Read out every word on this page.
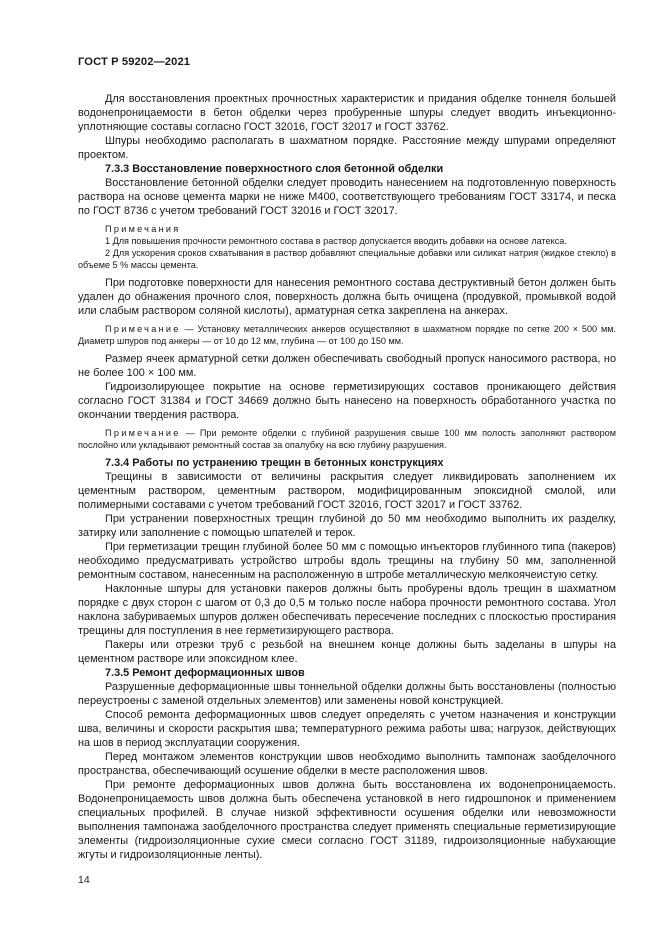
ГОСТ Р 59202—2021

Для восстановления проектных прочностных характеристик и придания обделке тоннеля большей водонепроницаемости в бетон обделки через пробуренные шпуры следует вводить инъекционно-уплотняющие составы согласно ГОСТ 32016, ГОСТ 32017 и ГОСТ 33762.

Шпуры необходимо располагать в шахматном порядке. Расстояние между шпурами определяют проектом.

7.3.3 Восстановление поверхностного слоя бетонной обделки

Восстановление бетонной обделки следует проводить нанесением на подготовленную поверхность раствора на основе цемента марки не ниже М400, соответствующего требованиям ГОСТ 33174, и песка по ГОСТ 8736 с учетом требований ГОСТ 32016 и ГОСТ 32017.

Примечания

1 Для повышения прочности ремонтного состава в раствор допускается вводить добавки на основе латекса.

2 Для ускорения сроков схватывания в раствор добавляют специальные добавки или силикат натрия (жидкое стекло) в объеме 5 % массы цемента.

При подготовке поверхности для нанесения ремонтного состава деструктивный бетон должен быть удален до обнажения прочного слоя, поверхность должна быть очищена (продувкой, промывкой водой или слабым раствором соляной кислоты), арматурная сетка закреплена на анкерах.

Примечание — Установку металлических анкеров осуществляют в шахматном порядке по сетке 200 × 500 мм. Диаметр шпуров под анкеры — от 10 до 12 мм, глубина — от 100 до 150 мм.

Размер ячеек арматурной сетки должен обеспечивать свободный пропуск наносимого раствора, но не более 100 × 100 мм.

Гидроизолирующее покрытие на основе герметизирующих составов проникающего действия согласно ГОСТ 31384 и ГОСТ 34669 должно быть нанесено на поверхность обработанного участка по окончании твердения раствора.

Примечание — При ремонте обделки с глубиной разрушения свыше 100 мм полость заполняют раствором послойно или укладывают ремонтный состав за опалубку на всю глубину разрушения.

7.3.4 Работы по устранению трещин в бетонных конструкциях

Трещины в зависимости от величины раскрытия следует ликвидировать заполнением их цементным раствором, цементным раствором, модифицированным эпоксидной смолой, или полимерными составами с учетом требований ГОСТ 32016, ГОСТ 32017 и ГОСТ 33762.

При устранении поверхностных трещин глубиной до 50 мм необходимо выполнить их разделку, затирку или заполнение с помощью шпателей и терок.

При герметизации трещин глубиной более 50 мм с помощью инъекторов глубинного типа (пакеров) необходимо предусматривать устройство штробы вдоль трещины на глубину 50 мм, заполненной ремонтным составом, нанесенным на расположенную в штробе металлическую мелкоячеистую сетку.

Наклонные шпуры для установки пакеров должны быть пробурены вдоль трещин в шахматном порядке с двух сторон с шагом от 0,3 до 0,5 м только после набора прочности ремонтного состава. Угол наклона забуриваемых шпуров должен обеспечивать пересечение последних с плоскостью простирания трещины для поступления в нее герметизирующего раствора.

Пакеры или отрезки труб с резьбой на внешнем конце должны быть заделаны в шпуры на цементном растворе или эпоксидном клее.

7.3.5 Ремонт деформационных швов

Разрушенные деформационные швы тоннельной обделки должны быть восстановлены (полностью переустроены с заменой отдельных элементов) или заменены новой конструкцией.

Способ ремонта деформационных швов следует определять с учетом назначения и конструкции шва, величины и скорости раскрытия шва; температурного режима работы шва; нагрузок, действующих на шов в период эксплуатации сооружения.

Перед монтажом элементов конструкции швов необходимо выполнить тампонаж заобделочного пространства, обеспечивающий осушение обделки в месте расположения швов.

При ремонте деформационных швов должна быть восстановлена их водонепроницаемость. Водонепроницаемость швов должна быть обеспечена установкой в него гидрошпонок и применением специальных профилей. В случае низкой эффективности осушения обделки или невозможности выполнения тампонажа заобделочного пространства следует применять специальные герметизирующие элементы (гидроизоляционные сухие смеси согласно ГОСТ 31189, гидроизоляционные набухающие жгуты и гидроизоляционные ленты).

14
